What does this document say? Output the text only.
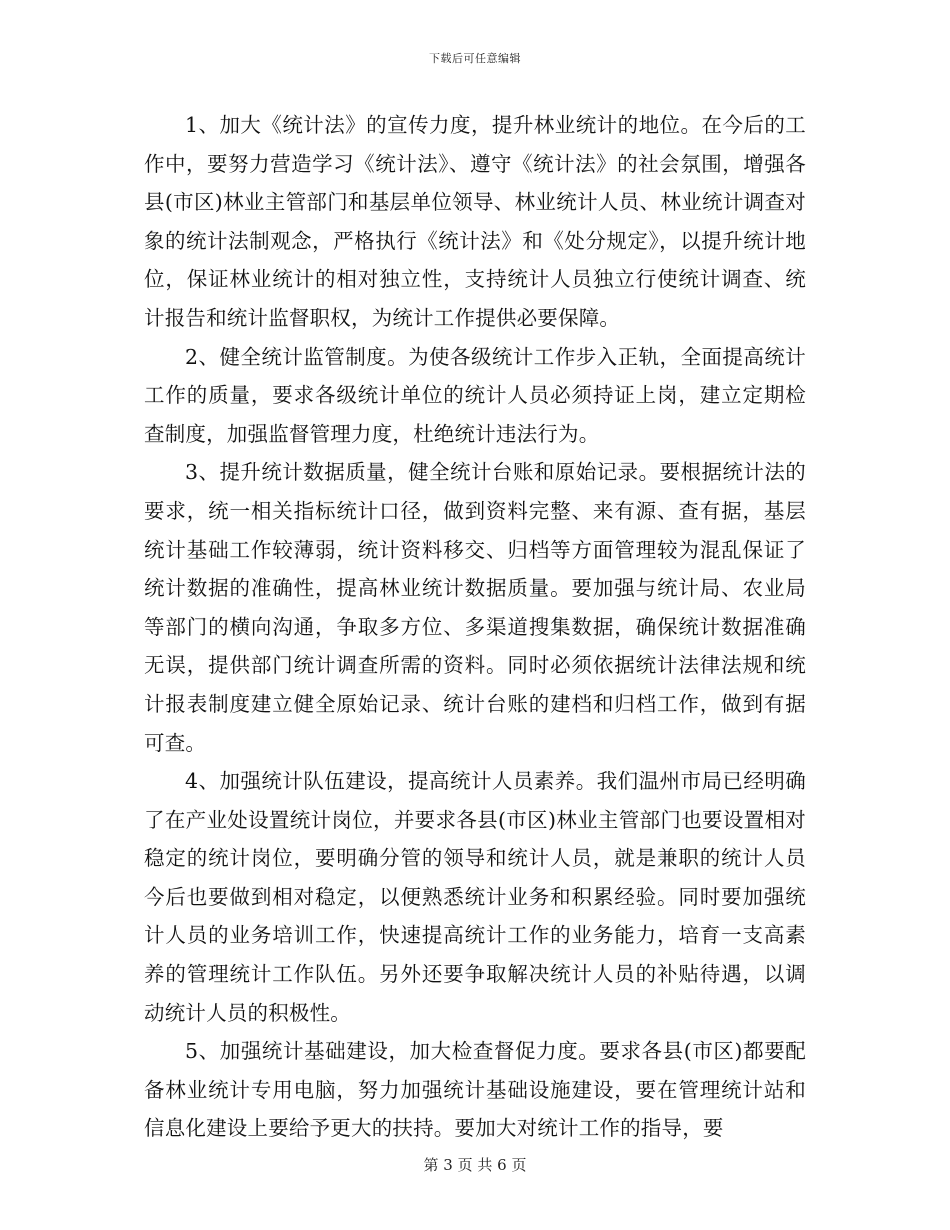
下载后可任意编辑

1、加大《统计法》的宣传力度，提升林业统计的地位。在今后的工作中，要努力营造学习《统计法》、遵守《统计法》的社会氛围，增强各县(市区)林业主管部门和基层单位领导、林业统计人员、林业统计调查对象的统计法制观念，严格执行《统计法》和《处分规定》，以提升统计地位，保证林业统计的相对独立性，支持统计人员独立行使统计调查、统计报告和统计监督职权，为统计工作提供必要保障。

2、健全统计监管制度。为使各级统计工作步入正轨，全面提高统计工作的质量，要求各级统计单位的统计人员必须持证上岗，建立定期检查制度，加强监督管理力度，杜绝统计违法行为。

3、提升统计数据质量，健全统计台账和原始记录。要根据统计法的要求，统一相关指标统计口径，做到资料完整、来有源、查有据，基层统计基础工作较薄弱，统计资料移交、归档等方面管理较为混乱保证了统计数据的准确性，提高林业统计数据质量。要加强与统计局、农业局等部门的横向沟通，争取多方位、多渠道搜集数据，确保统计数据准确无误，提供部门统计调查所需的资料。同时必须依据统计法律法规和统计报表制度建立健全原始记录、统计台账的建档和归档工作，做到有据可查。

4、加强统计队伍建设，提高统计人员素养。我们温州市局已经明确了在产业处设置统计岗位，并要求各县(市区)林业主管部门也要设置相对稳定的统计岗位，要明确分管的领导和统计人员，就是兼职的统计人员今后也要做到相对稳定，以便熟悉统计业务和积累经验。同时要加强统计人员的业务培训工作，快速提高统计工作的业务能力，培育一支高素养的管理统计工作队伍。另外还要争取解决统计人员的补贴待遇，以调动统计人员的积极性。

5、加强统计基础建设，加大检查督促力度。要求各县(市区)都要配备林业统计专用电脑，努力加强统计基础设施建设，要在管理统计站和信息化建设上要给予更大的扶持。要加大对统计工作的指导，要

第 3 页 共 6 页
